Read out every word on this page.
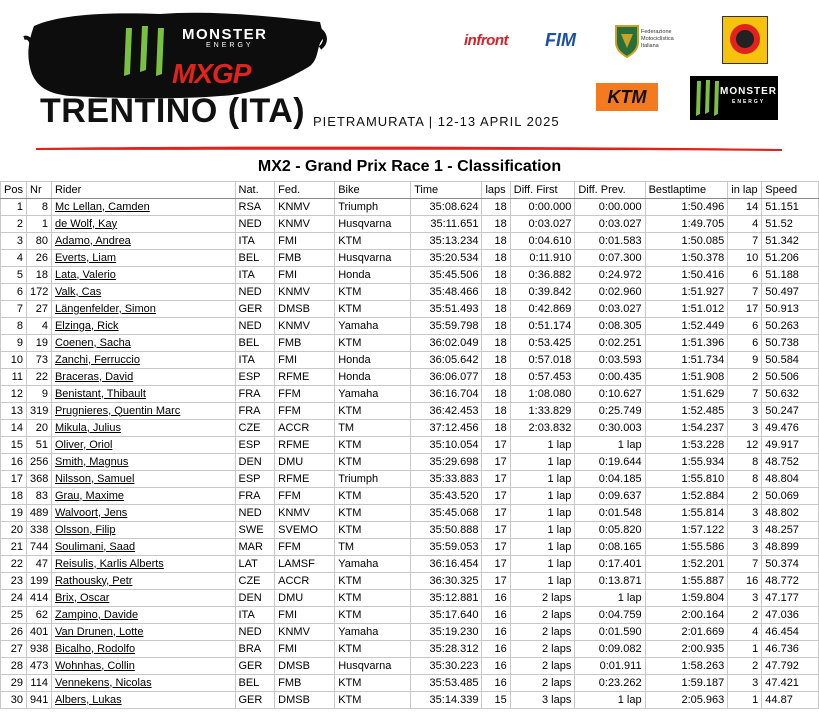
MONSTER
ENERGY
MXGP
TRENTINO (ITA) PIETRAMURATA | 12-13 APRIL 2025
infront FIM	Federazione Motociclistica Italiana
KTM	MONSTER
ENERGY
MX2 - Grand Prix Race 1 - Classification
Pos	Nr	Rider	Nat.	Fed.	Bike	Time	laps	Diff. First	Diff. Prev.	Bestlaptime	in lap	Speed
1	8	Mc Lellan, Camden	RSA	KNMV	Triumph	35:08.624	18	0:00.000	0:00.000	1:50.496	14	51.151
2	1	de Wolf, Kay	NED	KNMV	Husqvarna	35:11.651	18	0:03.027	0:03.027	1:49.705	4	51.52
3	80	Adamo, Andrea	ITA	FMI	KTM	35:13.234	18	0:04.610	0:01.583	1:50.085	7	51.342
4	26	Everts, Liam	BEL	FMB	Husqvarna	35:20.534	18	0:11.910	0:07.300	1:50.378	10	51.206
5	18	Lata, Valerio	ITA	FMI	Honda	35:45.506	18	0:36.882	0:24.972	1:50.416	6	51.188
6	172	Valk, Cas	NED	KNMV	KTM	35:48.466	18	0:39.842	0:02.960	1:51.927	7	50.497
7	27	Längenfelder, Simon	GER	DMSB	KTM	35:51.493	18	0:42.869	0:03.027	1:51.012	17	50.913
8	4	Elzinga, Rick	NED	KNMV	Yamaha	35:59.798	18	0:51.174	0:08.305	1:52.449	6	50.263
9	19	Coenen, Sacha	BEL	FMB	KTM	36:02.049	18	0:53.425	0:02.251	1:51.396	6	50.738
10	73	Zanchi, Ferruccio	ITA	FMI	Honda	36:05.642	18	0:57.018	0:03.593	1:51.734	9	50.584
11	22	Braceras, David	ESP	RFME	Honda	36:06.077	18	0:57.453	0:00.435	1:51.908	2	50.506
12	9	Benistant, Thibault	FRA	FFM	Yamaha	36:16.704	18	1:08.080	0:10.627	1:51.629	7	50.632
13	319	Prugnieres, Quentin Marc	FRA	FFM	KTM	36:42.453	18	1:33.829	0:25.749	1:52.485	3	50.247
14	20	Mikula, Julius	CZE	ACCR	TM	37:12.456	18	2:03.832	0:30.003	1:54.237	3	49.476
15	51	Oliver, Oriol	ESP	RFME	KTM	35:10.054	17	1 lap	1 lap	1:53.228	12	49.917
16	256	Smith, Magnus	DEN	DMU	KTM	35:29.698	17	1 lap	0:19.644	1:55.934	8	48.752
17	368	Nilsson, Samuel	ESP	RFME	Triumph	35:33.883	17	1 lap	0:04.185	1:55.810	8	48.804
18	83	Grau, Maxime	FRA	FFM	KTM	35:43.520	17	1 lap	0:09.637	1:52.884	2	50.069
19	489	Walvoort, Jens	NED	KNMV	KTM	35:45.068	17	1 lap	0:01.548	1:55.814	3	48.802
20	338	Olsson, Filip	SWE	SVEMO	KTM	35:50.888	17	1 lap	0:05.820	1:57.122	3	48.257
21	744	Soulimani, Saad	MAR	FFM	TM	35:59.053	17	1 lap	0:08.165	1:55.586	3	48.899
22	47	Reisulis, Karlis Alberts	LAT	LAMSF	Yamaha	36:16.454	17	1 lap	0:17.401	1:52.201	7	50.374
23	199	Rathousky, Petr	CZE	ACCR	KTM	36:30.325	17	1 lap	0:13.871	1:55.887	16	48.772
24	414	Brix, Oscar	DEN	DMU	KTM	35:12.881	16	2 laps	1 lap	1:59.804	3	47.177
25	62	Zampino, Davide	ITA	FMI	KTM	35:17.640	16	2 laps	0:04.759	2:00.164	2	47.036
26	401	Van Drunen, Lotte	NED	KNMV	Yamaha	35:19.230	16	2 laps	0:01.590	2:01.669	4	46.454
27	938	Bicalho, Rodolfo	BRA	FMI	KTM	35:28.312	16	2 laps	0:09.082	2:00.935	1	46.736
28	473	Wohnhas, Collin	GER	DMSB	Husqvarna	35:30.223	16	2 laps	0:01.911	1:58.263	2	47.792
29	114	Vennekens, Nicolas	BEL	FMB	KTM	35:53.485	16	2 laps	0:23.262	1:59.187	3	47.421
30	941	Albers, Lukas	GER	DMSB	KTM	35:14.339	15	3 laps	1 lap	2:05.963	1	44.87
